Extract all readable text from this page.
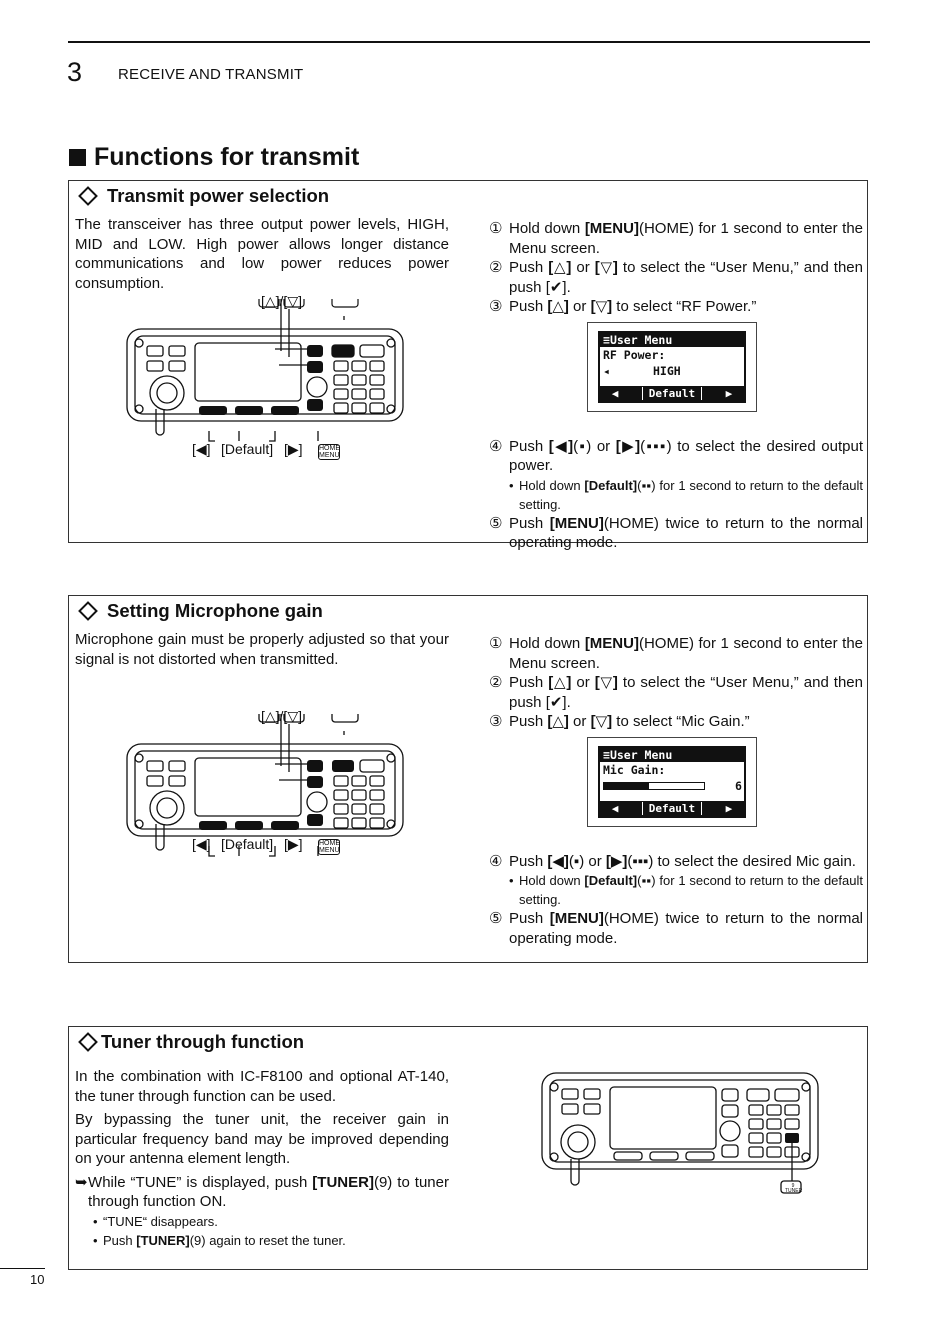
3 RECEIVE AND TRANSMIT
Functions for transmit
Transmit power selection
The transceiver has three output power levels, HIGH, MID and LOW. High power allows longer distance communications and low power reduces power consumption.
[△]/[▽]
[◀] [Default] [▶] HOME MENU
① Hold down [MENU](HOME) for 1 second to enter the Menu screen.
② Push [△] or [▽] to select the “User Menu,” and then push [✔].
③ Push [△] or [▽] to select “RF Power.”
④ Push [◀](▪) or [▶](▪▪▪) to select the desired output power.
• Hold down [Default](▪▪) for 1 second to return to the default setting.
⑤ Push [MENU](HOME) twice to return to the normal operating mode.
≡User Menu
RF Power:
◂	HIGH
◀	Default	▶
Setting Microphone gain
Microphone gain must be properly adjusted so that your signal is not distorted when transmitted.
[△]/[▽]
[◀] [Default] [▶] HOME MENU
① Hold down [MENU](HOME) for 1 second to enter the Menu screen.
② Push [△] or [▽] to select the “User Menu,” and then push [✔].
③ Push [△] or [▽] to select “Mic Gain.”
④ Push [◀](▪) or [▶](▪▪▪) to select the desired Mic gain.
• Hold down [Default](▪▪) for 1 second to return to the default setting.
⑤ Push [MENU](HOME) twice to return to the normal operating mode.
≡User Menu
Mic Gain:
6
◀	Default	▶
Tuner through function

In the combination with IC-F8100 and optional AT-140, the tuner through function can be used.

By bypassing the tuner unit, the receiver gain in particular frequency band may be improved depending on your antenna element length.

➥ While “TUNE” is displayed, push [TUNER](9) to tuner through function ON.
• “TUNE“ disappears.
• Push [TUNER](9) again to reset the tuner.
9 TUNER
10
